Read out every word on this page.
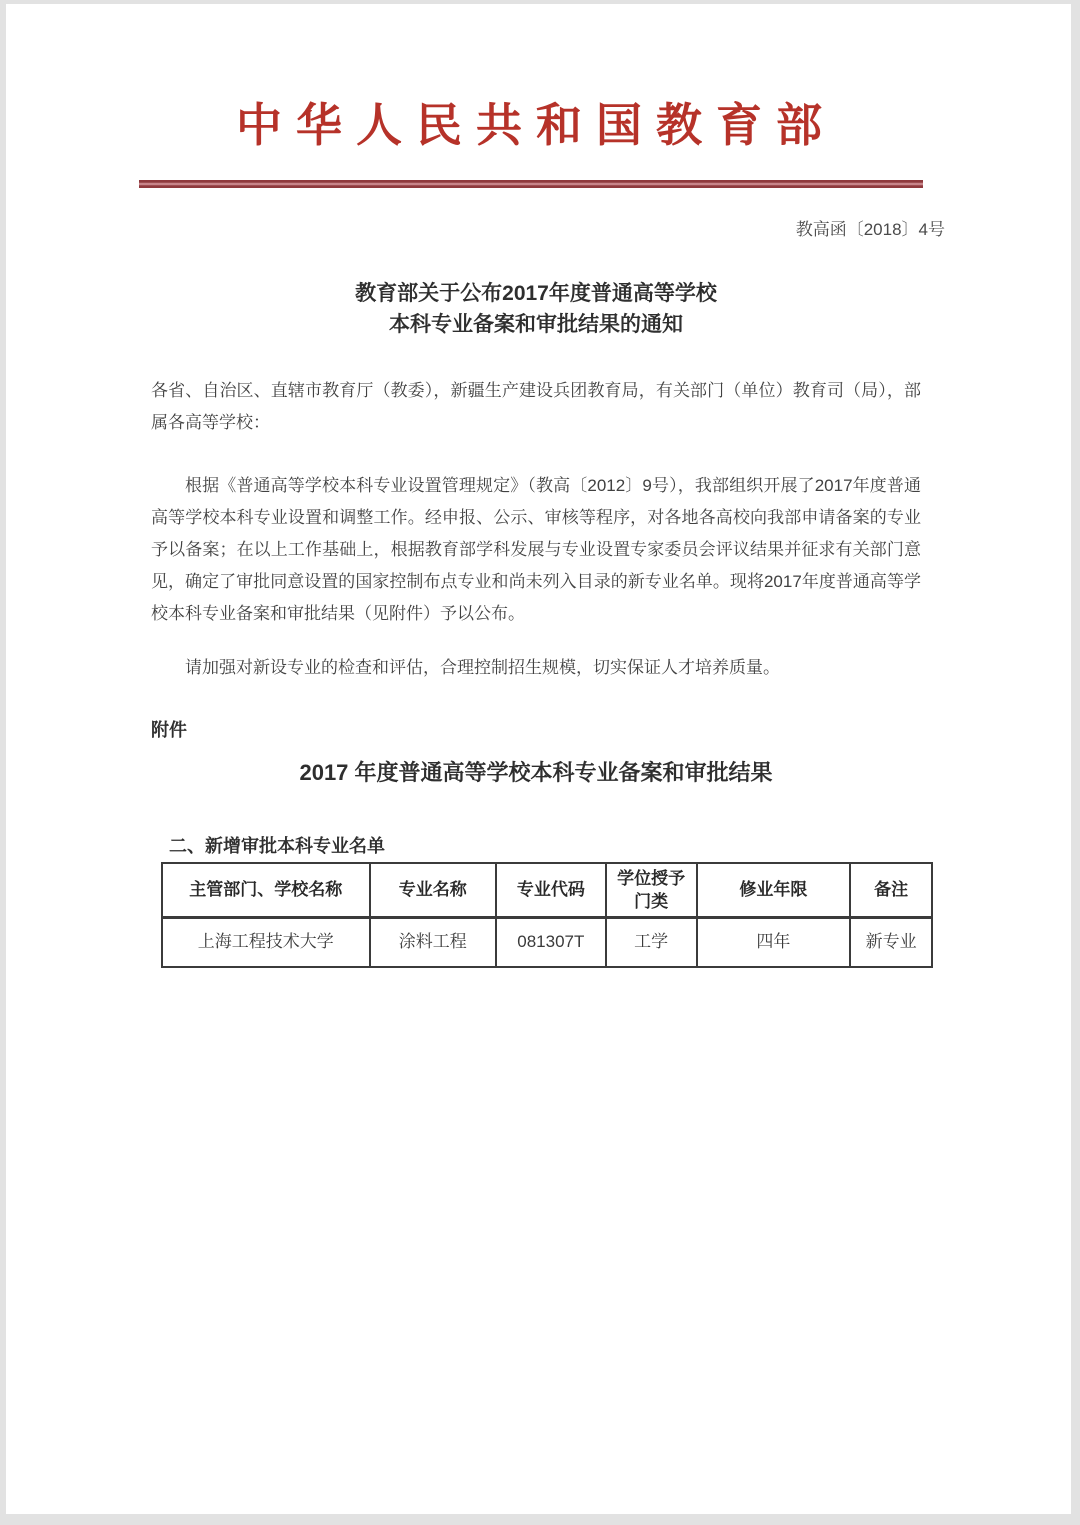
中华人民共和国教育部
教高函〔2018〕4号
教育部关于公布2017年度普通高等学校
本科专业备案和审批结果的通知
各省、自治区、直辖市教育厅（教委），新疆生产建设兵团教育局，有关部门（单位）教育司（局），部属各高等学校：
根据《普通高等学校本科专业设置管理规定》（教高〔2012〕9号），我部组织开展了2017年度普通高等学校本科专业设置和调整工作。经申报、公示、审核等程序，对各地各高校向我部申请备案的专业予以备案；在以上工作基础上，根据教育部学科发展与专业设置专家委员会评议结果并征求有关部门意见，确定了审批同意设置的国家控制布点专业和尚未列入目录的新专业名单。现将2017年度普通高等学校本科专业备案和审批结果（见附件）予以公布。
请加强对新设专业的检查和评估，合理控制招生规模，切实保证人才培养质量。
附件
2017 年度普通高等学校本科专业备案和审批结果
二、新增审批本科专业名单
主管部门、学校名称	专业名称	专业代码	学位授予门类	修业年限	备注
上海工程技术大学	涂料工程	081307T	工学	四年	新专业
